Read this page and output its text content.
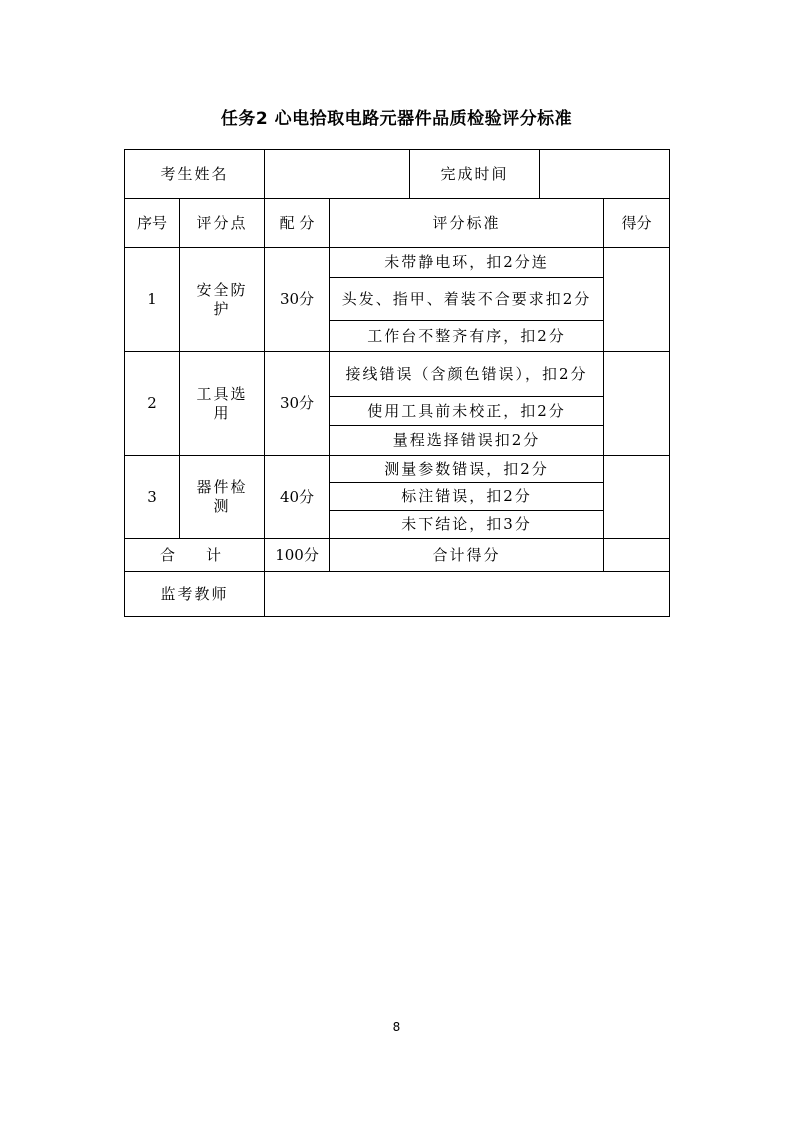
任务2 心电拾取电路元器件品质检验评分标准
考生姓名				完成时间		
序号	评分点	配 分	评分标准			得分
1	安全防护	30分	未带静电环，扣2分连			
			头发、指甲、着装不合要求扣2分			
			工作台不整齐有序，扣2分			
2	工具选用	30分	接线错误（含颜色错误），扣2分			
			使用工具前未校正，扣2分			
			量程选择错误扣2分			
3	器件检测	40分	测量参数错误，扣2分			
			标注错误，扣2分			
			未下结论，扣3分			
合　计		100分	合计得分			
监考教师						
8
